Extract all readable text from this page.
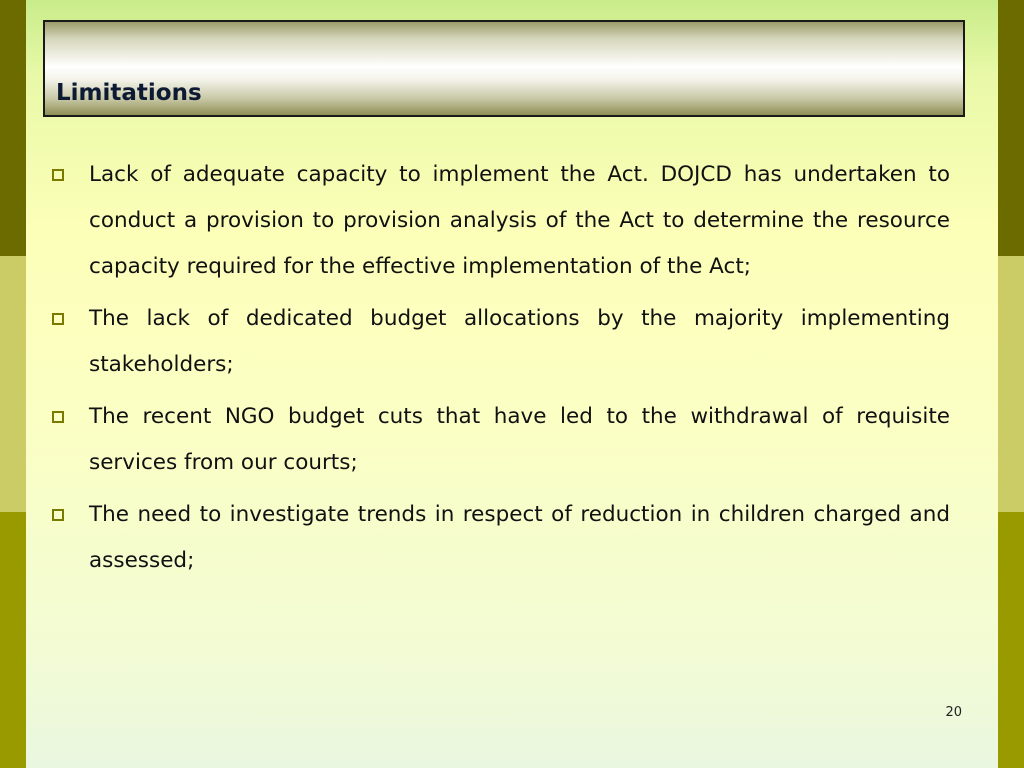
Limitations
Lack of adequate capacity to implement the Act. DOJCD has undertaken to conduct a provision to provision analysis of the Act to determine the resource capacity required for the effective implementation of the Act;
The lack of dedicated budget allocations by the majority implementing stakeholders;
The recent NGO budget cuts that have led to the withdrawal of requisite services from our courts;
The need to investigate trends in respect of reduction in children charged and assessed;
20
